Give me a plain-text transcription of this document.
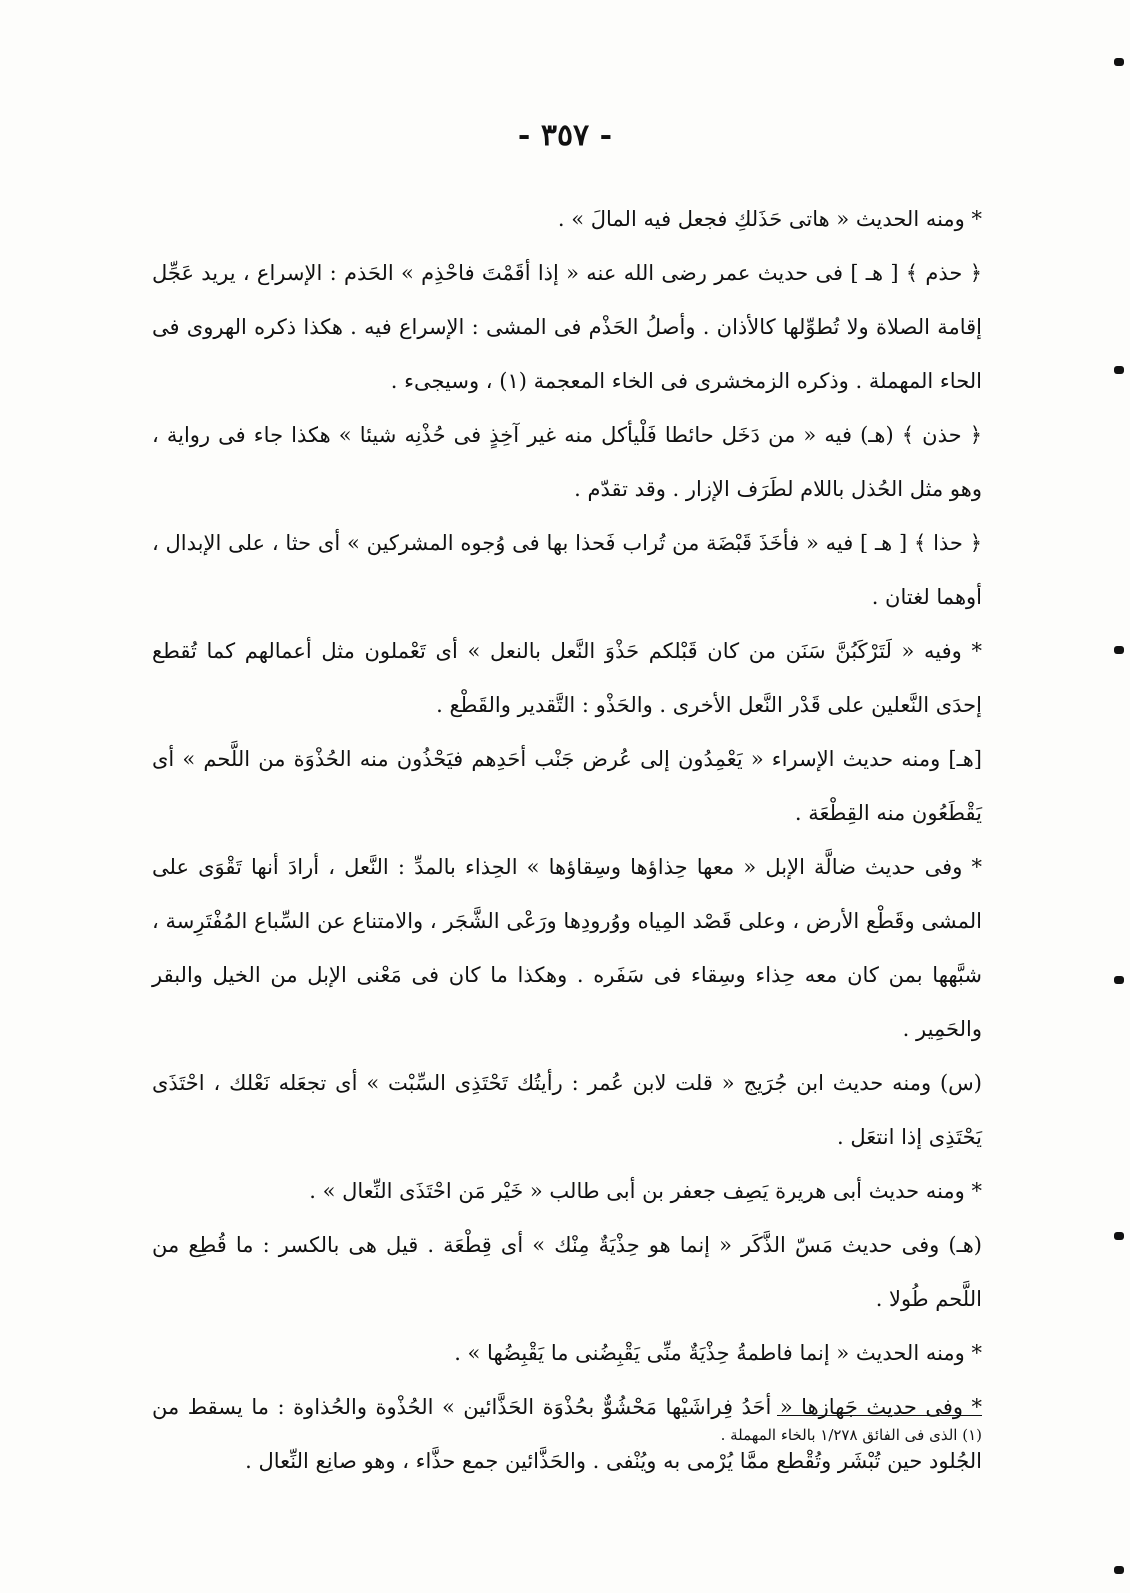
- ٣٥٧ -

* ومنه الحديث « هاتى حَذَلكِ فجعل فيه المالَ » .

﴿ حذم ﴾ [ هـ ] فى حديث عمر رضى الله عنه « إذا أقَمْتَ فاحْذِم » الحَذم : الإسراع ، يريد عَجِّل إقامة الصلاة ولا تُطوِّلها كالأذان . وأصلُ الحَذْم فى المشى : الإسراع فيه . هكذا ذكره الهروى فى الحاء المهملة . وذكره الزمخشرى فى الخاء المعجمة (١) ، وسيجىء .

﴿ حذن ﴾ (هـ) فيه « من دَخَل حائطا فَلْيأكل منه غير آخِذٍ فى حُذْنِه شيئا » هكذا جاء فى رواية ، وهو مثل الحُذل باللام لطَرَف الإزار . وقد تقدّم .

﴿ حذا ﴾ [ هـ ] فيه « فأخَذَ قَبْضَة من تُراب فَحذا بها فى وُجوه المشركين » أى حثا ، على الإبدال ، أوهما لغتان .

* وفيه « لَتَرْكَبُنَّ سَنَن من كان قَبْلكم حَذْوَ النَّعل بالنعل » أى تَعْملون مثل أعمالهم كما تُقطع إحدَى النَّعلين على قَدْر النَّعل الأخرى . والحَذْو : التَّقدير والقَطْع .

[هـ] ومنه حديث الإسراء « يَعْمِدُون إلى عُرض جَنْب أحَدِهم فيَحْذُون منه الحُذْوَة من اللَّحم » أى يَقْطَعُون منه القِطْعَة .

* وفى حديث ضالَّة الإبل « معها حِذاؤها وسِقاؤها » الحِذاء بالمدِّ : النَّعل ، أرادَ أنها تَقْوَى على المشى وقَطْع الأرض ، وعلى قَصْد المِياه ووُرودِها ورَعْى الشَّجَر ، والامتناع عن السِّباع المُفْتَرِسة ، شبَّهها بمن كان معه حِذاء وسِقاء فى سَفَره . وهكذا ما كان فى مَعْنى الإبل من الخيل والبقر والحَمِير .

(س) ومنه حديث ابن جُرَيج « قلت لابن عُمر : رأيتُك تَحْتَذِى السِّبْت » أى تجعَله نَعْلك ، احْتَذَى يَحْتَذِى إذا انتعَل .

* ومنه حديث أبى هريرة يَصِف جعفر بن أبى طالب « خَيْر مَن احْتَذَى النِّعال » .

(هـ) وفى حديث مَسّ الذَّكَر « إنما هو حِذْيَةٌ مِنْك » أى قِطْعَة . قيل هى بالكسر : ما قُطِع من اللَّحم طُولا .

* ومنه الحديث « إنما فاطمةُ حِذْيَةٌ منِّى يَقْبِضُنى ما يَقْبِضُها » .

* وفى حديث جَهازها « أحَدُ فِراشَيْها مَحْشُوٌّ بحُذْوَة الحَذَّائين » الحُذْوة والحُذاوة : ما يسقط من الجُلود حين تُبْشَر وتُقْطع ممَّا يُرْمى به ويُنْفى . والحَذَّائين جمع حذَّاء ، وهو صانِع النِّعال .

(١) الذى فى الفائق ١/٢٧٨ بالخاء المهملة .
